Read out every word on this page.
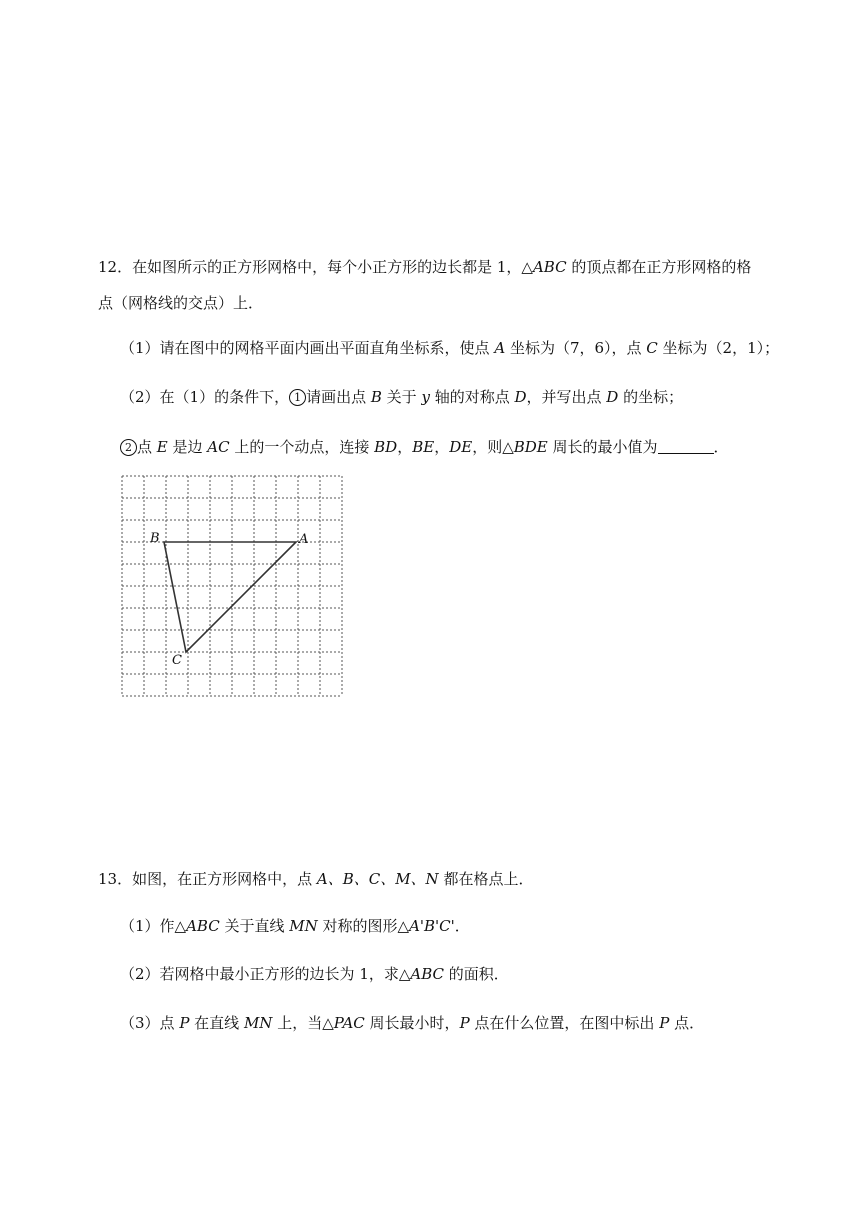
12．在如图所示的正方形网格中，每个小正方形的边长都是 1，△ABC 的顶点都在正方形网格的格
点（网格线的交点）上．
（1）请在图中的网格平面内画出平面直角坐标系，使点 A 坐标为（7，6），点 C 坐标为（2，1）；
（2）在（1）的条件下， 1 请画出点 B 关于 y 轴的对称点 D，并写出点 D 的坐标；
2 点 E 是边 AC 上的一个动点，连接 BD，BE，DE，则△BDE 周长的最小值为	．
B	A
C
13．如图，在正方形网格中，点 A、B、C、M、N 都在格点上．
（1）作△ABC 关于直线 MN 对称的图形△A'B'C'．
（2）若网格中最小正方形的边长为 1，求△ABC 的面积．
（3）点 P 在直线 MN 上，当△PAC 周长最小时，P 点在什么位置，在图中标出 P 点．
